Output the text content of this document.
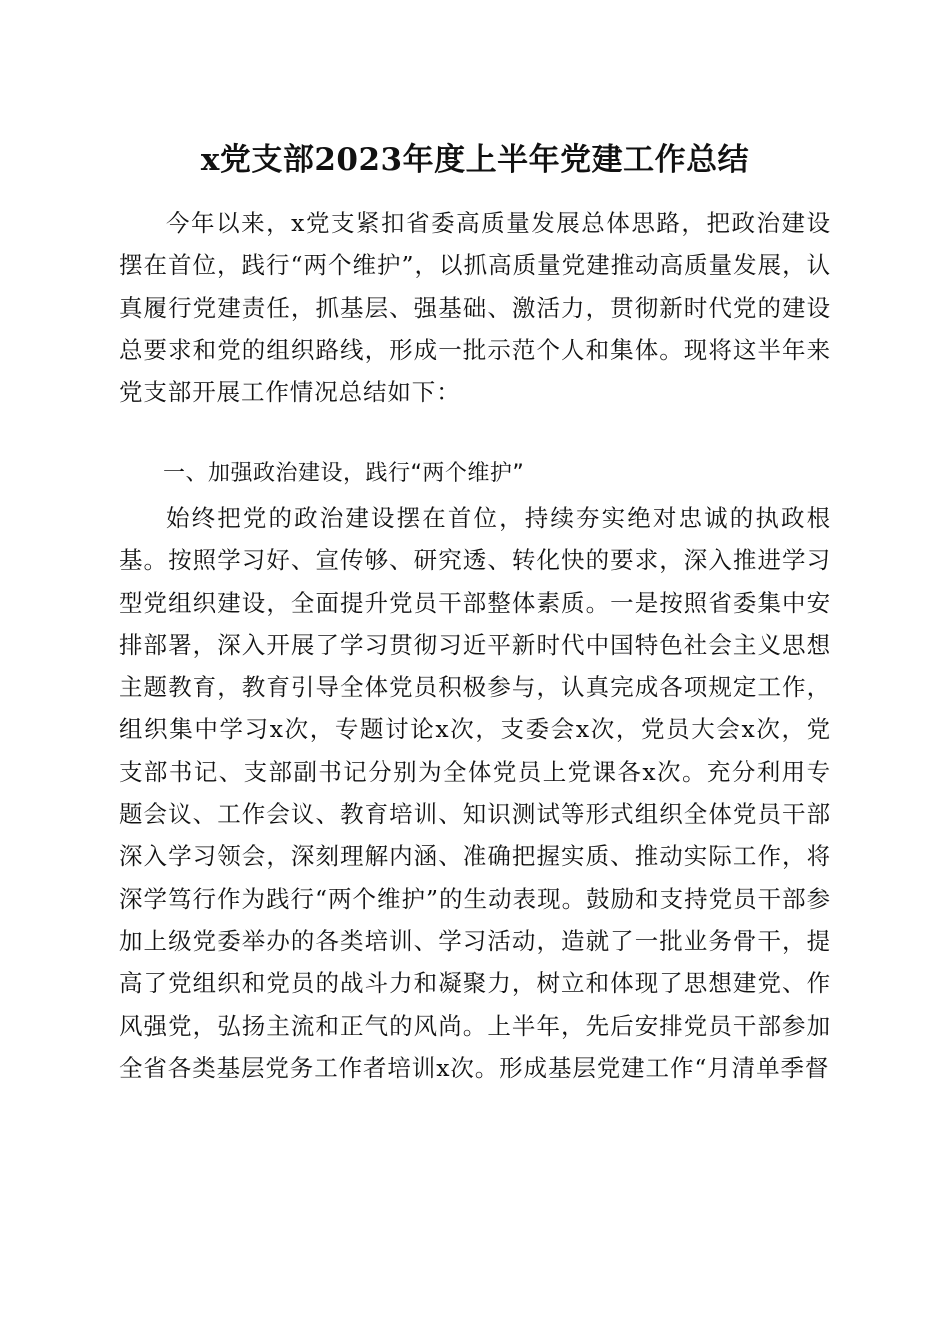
x党支部2023年度上半年党建工作总结

今年以来，x党支紧扣省委高质量发展总体思路，把政治建设摆在首位，践行“两个维护”，以抓高质量党建推动高质量发展，认真履行党建责任，抓基层、强基础、激活力，贯彻新时代党的建设总要求和党的组织路线，形成一批示范个人和集体。现将这半年来党支部开展工作情况总结如下：

一、加强政治建设，践行“两个维护”

始终把党的政治建设摆在首位，持续夯实绝对忠诚的执政根基。按照学习好、宣传够、研究透、转化快的要求，深入推进学习型党组织建设，全面提升党员干部整体素质。一是按照省委集中安排部署，深入开展了学习贯彻习近平新时代中国特色社会主义思想主题教育，教育引导全体党员积极参与，认真完成各项规定工作，组织集中学习x次，专题讨论x次，支委会x次，党员大会x次，党支部书记、支部副书记分别为全体党员上党课各x次。充分利用专题会议、工作会议、教育培训、知识测试等形式组织全体党员干部深入学习领会，深刻理解内涵、准确把握实质、推动实际工作，将深学笃行作为践行“两个维护”的生动表现。鼓励和支持党员干部参加上级党委举办的各类培训、学习活动，造就了一批业务骨干，提高了党组织和党员的战斗力和凝聚力，树立和体现了思想建党、作风强党，弘扬主流和正气的风尚。上半年，先后安排党员干部参加全省各类基层党务工作者培训x次。形成基层党建工作“月清单季督
